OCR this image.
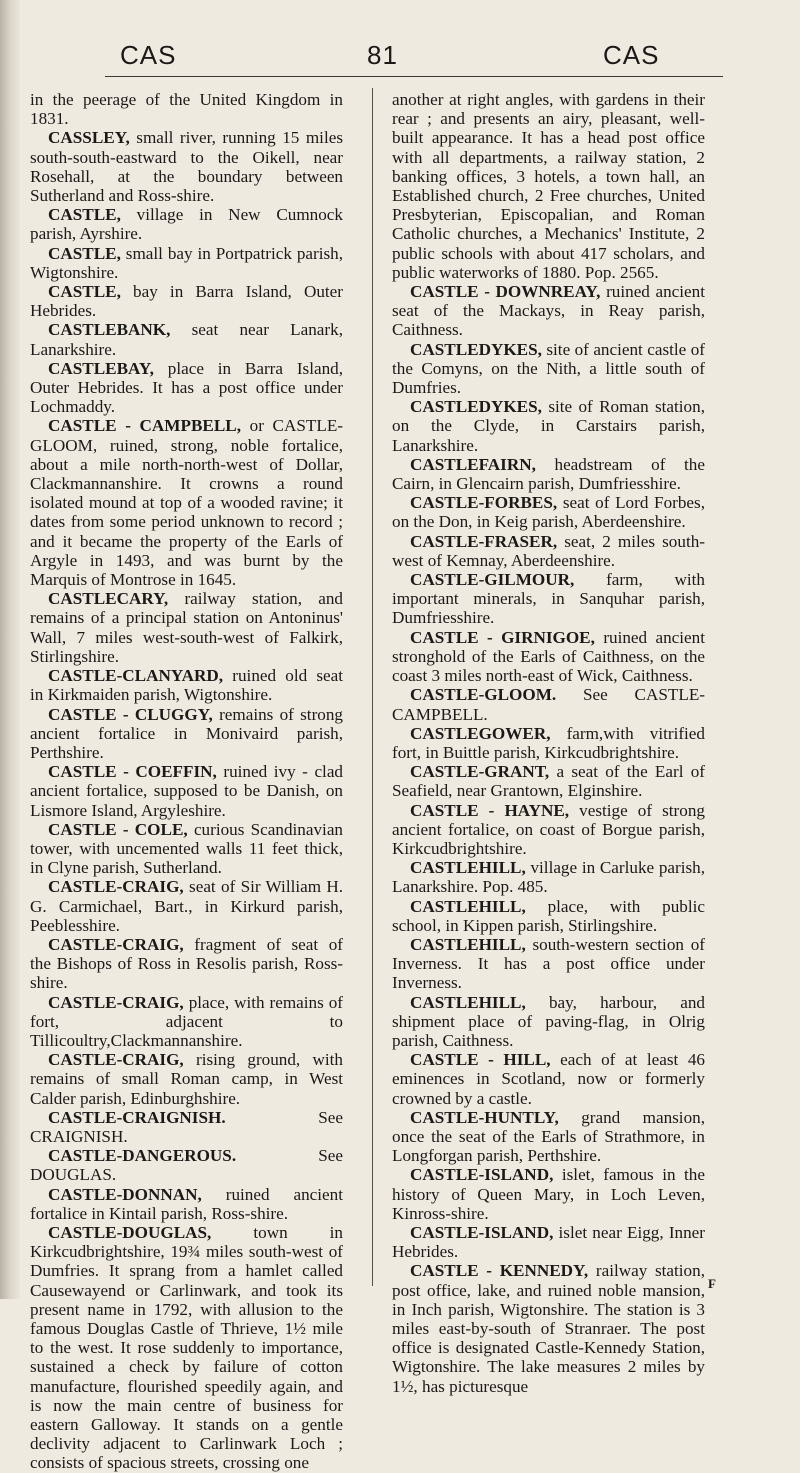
CAS	81	CAS

in the peerage of the United Kingdom in 1831.

CASSLEY, small river, running 15 miles south-south-eastward to the Oikell, near Rosehall, at the boundary between Sutherland and Ross-shire.

CASTLE, village in New Cumnock parish, Ayrshire.

CASTLE, small bay in Portpatrick parish, Wigtonshire.

CASTLE, bay in Barra Island, Outer Hebrides.

CASTLEBANK, seat near Lanark, Lanarkshire.

CASTLEBAY, place in Barra Island, Outer Hebrides. It has a post office under Lochmaddy.

CASTLE - CAMPBELL, or CASTLE-GLOOM, ruined, strong, noble fortalice, about a mile north-north-west of Dollar, Clackmannanshire. It crowns a round isolated mound at top of a wooded ravine; it dates from some period unknown to record ; and it became the property of the Earls of Argyle in 1493, and was burnt by the Marquis of Montrose in 1645.

CASTLECARY, railway station, and remains of a principal station on Antoninus' Wall, 7 miles west-south-west of Falkirk, Stirlingshire.

CASTLE-CLANYARD, ruined old seat in Kirkmaiden parish, Wigtonshire.

CASTLE - CLUGGY, remains of strong ancient fortalice in Monivaird parish, Perthshire.

CASTLE - COEFFIN, ruined ivy - clad ancient fortalice, supposed to be Danish, on Lismore Island, Argyleshire.

CASTLE - COLE, curious Scandinavian tower, with uncemented walls 11 feet thick, in Clyne parish, Sutherland.

CASTLE-CRAIG, seat of Sir William H. G. Carmichael, Bart., in Kirkurd parish, Peeblesshire.

CASTLE-CRAIG, fragment of seat of the Bishops of Ross in Resolis parish, Ross-shire.

CASTLE-CRAIG, place, with remains of fort, adjacent to Tillicoultry,Clackmannanshire.

CASTLE-CRAIG, rising ground, with remains of small Roman camp, in West Calder parish, Edinburghshire.

CASTLE-CRAIGNISH.	See CRAIGNISH.

CASTLE-DANGEROUS.	See DOUGLAS.

CASTLE-DONNAN, ruined ancient fortalice in Kintail parish, Ross-shire.

CASTLE-DOUGLAS, town in Kirkcudbrightshire, 19¾ miles south-west of Dumfries. It sprang from a hamlet called Causewayend or Carlinwark, and took its present name in 1792, with allusion to the famous Douglas Castle of Thrieve, 1½ mile to the west. It rose suddenly to importance, sustained a check by failure of cotton manufacture, flourished speedily again, and is now the main centre of business for eastern Galloway. It stands on a gentle declivity adjacent to Carlinwark Loch ; consists of spacious streets, crossing one

another at right angles, with gardens in their rear ; and presents an airy, pleasant, well-built appearance. It has a head post office with all departments, a railway station, 2 banking offices, 3 hotels, a town hall, an Established church, 2 Free churches, United Presbyterian, Episcopalian, and Roman Catholic churches, a Mechanics' Institute, 2 public schools with about 417 scholars, and public waterworks of 1880. Pop. 2565.

CASTLE - DOWNREAY, ruined ancient seat of the Mackays, in Reay parish, Caithness.

CASTLEDYKES, site of ancient castle of the Comyns, on the Nith, a little south of Dumfries.

CASTLEDYKES, site of Roman station, on the Clyde, in Carstairs parish, Lanarkshire.

CASTLEFAIRN, headstream of the Cairn, in Glencairn parish, Dumfriesshire.

CASTLE-FORBES, seat of Lord Forbes, on the Don, in Keig parish, Aberdeenshire.

CASTLE-FRASER, seat, 2 miles south-west of Kemnay, Aberdeenshire.

CASTLE-GILMOUR, farm, with important minerals, in Sanquhar parish, Dumfriesshire.

CASTLE - GIRNIGOE, ruined ancient stronghold of the Earls of Caithness, on the coast 3 miles north-east of Wick, Caithness.

CASTLE-GLOOM. See CASTLE-CAMPBELL.

CASTLEGOWER, farm,with vitrified fort, in Buittle parish, Kirkcudbrightshire.

CASTLE-GRANT, a seat of the Earl of Seafield, near Grantown, Elginshire.

CASTLE - HAYNE, vestige of strong ancient fortalice, on coast of Borgue parish, Kirkcudbrightshire.

CASTLEHILL, village in Carluke parish, Lanarkshire. Pop. 485.

CASTLEHILL, place, with public school, in Kippen parish, Stirlingshire.

CASTLEHILL, south-western section of Inverness. It has a post office under Inverness.

CASTLEHILL, bay, harbour, and shipment place of paving-flag, in Olrig parish, Caithness.

CASTLE - HILL, each of at least 46 eminences in Scotland, now or formerly crowned by a castle.

CASTLE-HUNTLY, grand mansion, once the seat of the Earls of Strathmore, in Longforgan parish, Perthshire.

CASTLE-ISLAND, islet, famous in the history of Queen Mary, in Loch Leven, Kinross-shire.

CASTLE-ISLAND, islet near Eigg, Inner Hebrides.

CASTLE - KENNEDY, railway station, post office, lake, and ruined noble mansion, in Inch parish, Wigtonshire. The station is 3 miles east-by-south of Stranraer. The post office is designated Castle-Kennedy Station, Wigtonshire. The lake measures 2 miles by 1½, has picturesque

F
